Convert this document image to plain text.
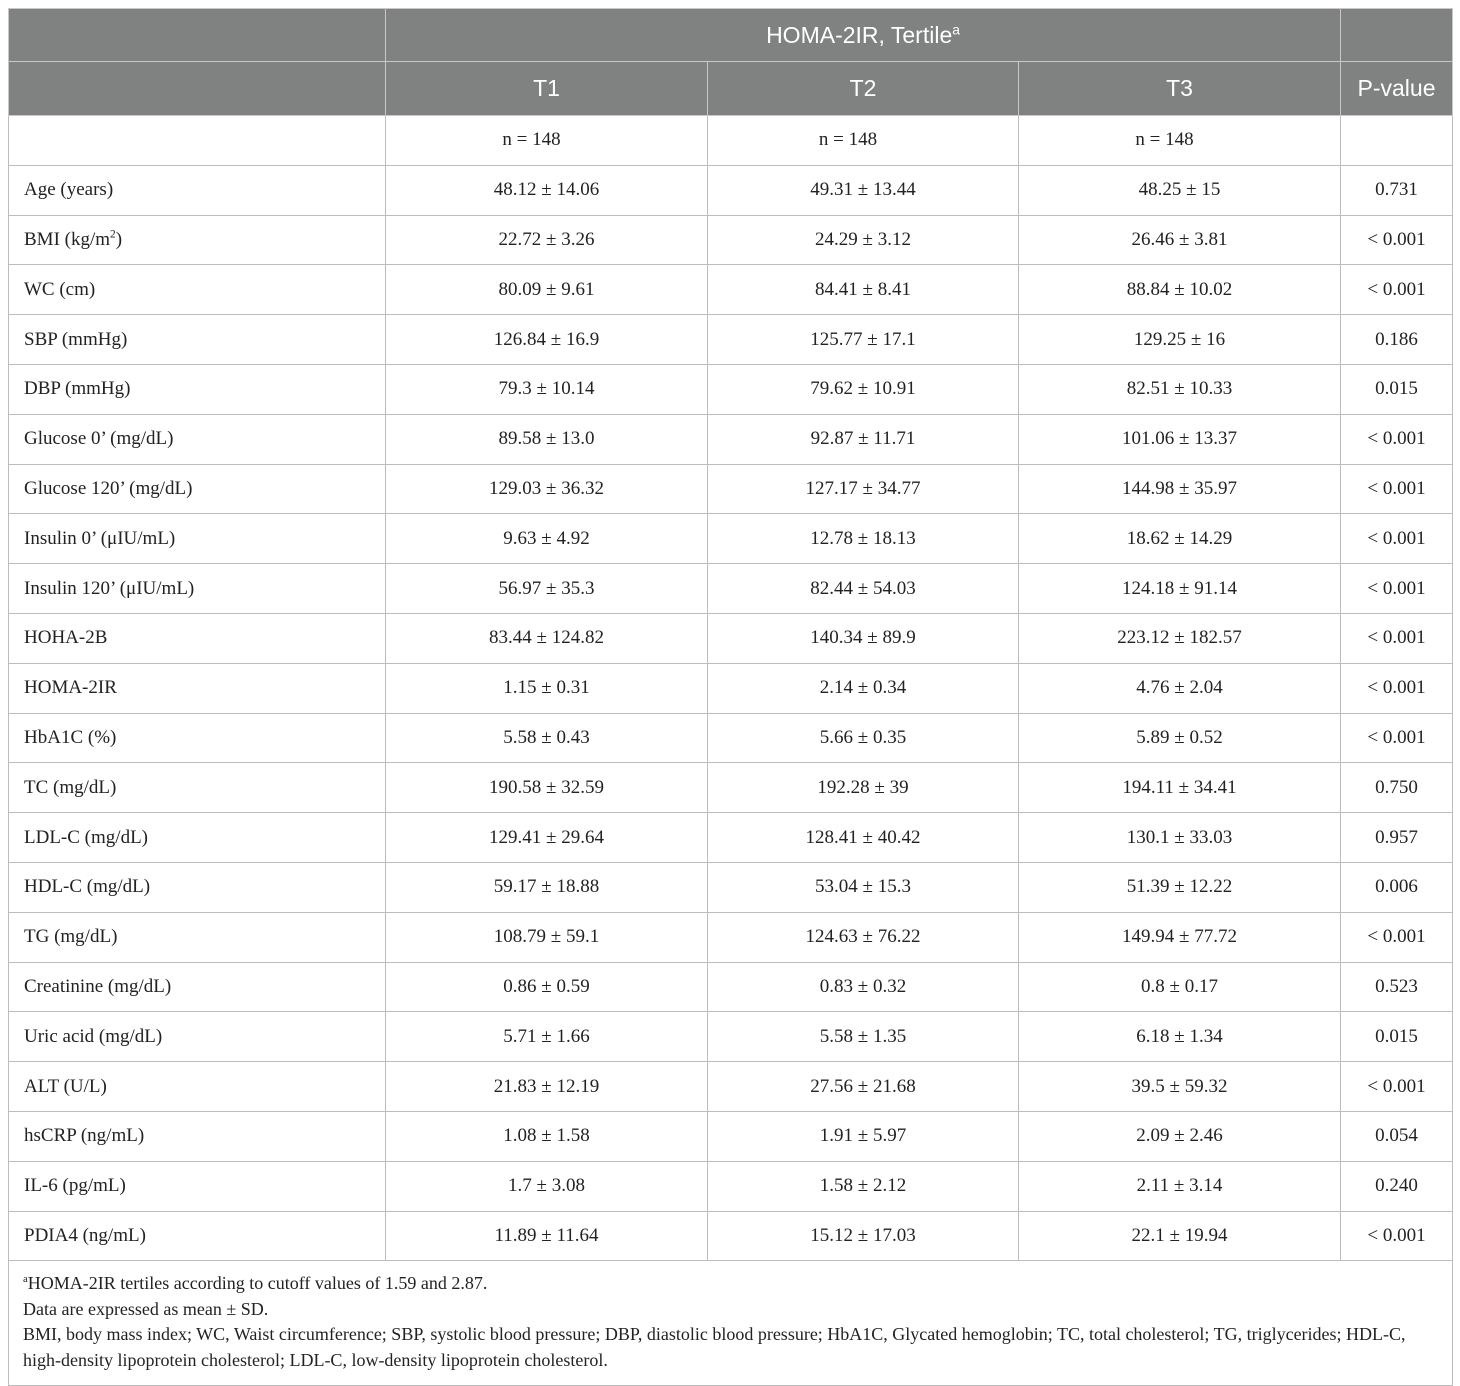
	HOMA-2IR, Tertile$^a$	
	T1	T2	T3	P-value
	n = 148	n = 148	n = 148	
Age (years)	48.12 ± 14.06	49.31 ± 13.44	48.25 ± 15	0.731
BMI $(kg/m^2)$	22.72 ± 3.26	24.29 ± 3.12	26.46 ± 3.81	< 0.001
WC (cm)	80.09 ± 9.61	84.41 ± 8.41	88.84 ± 10.02	< 0.001
SBP (mmHg)	126.84 ± 16.9	125.77 ± 17.1	129.25 ± 16	0.186
DBP (mmHg)	79.3 ± 10.14	79.62 ± 10.91	82.51 ± 10.33	0.015
Glucose 0’ (mg/dL)	89.58 ± 13.0	92.87 ± 11.71	101.06 ± 13.37	< 0.001
Glucose 120’ (mg/dL)	129.03 ± 36.32	127.17 ± 34.77	144.98 ± 35.97	< 0.001
Insulin 0’ (μIU/mL)	9.63 ± 4.92	12.78 ± 18.13	18.62 ± 14.29	< 0.001
Insulin 120’ (μIU/mL)	56.97 ± 35.3	82.44 ± 54.03	124.18 ± 91.14	< 0.001
HOHA-2B	83.44 ± 124.82	140.34 ± 89.9	223.12 ± 182.57	< 0.001
HOMA-2IR	1.15 ± 0.31	2.14 ± 0.34	4.76 ± 2.04	< 0.001
HbA1C (%)	5.58 ± 0.43	5.66 ± 0.35	5.89 ± 0.52	< 0.001
TC (mg/dL)	190.58 ± 32.59	192.28 ± 39	194.11 ± 34.41	0.750
LDL-C (mg/dL)	129.41 ± 29.64	128.41 ± 40.42	130.1 ± 33.03	0.957
HDL-C (mg/dL)	59.17 ± 18.88	53.04 ± 15.3	51.39 ± 12.22	0.006
TG (mg/dL)	108.79 ± 59.1	124.63 ± 76.22	149.94 ± 77.72	< 0.001
Creatinine (mg/dL)	0.86 ± 0.59	0.83 ± 0.32	0.8 ± 0.17	0.523
Uric acid (mg/dL)	5.71 ± 1.66	5.58 ± 1.35	6.18 ± 1.34	0.015
ALT (U/L)	21.83 ± 12.19	27.56 ± 21.68	39.5 ± 59.32	< 0.001
hsCRP (ng/mL)	1.08 ± 1.58	1.91 ± 5.97	2.09 ± 2.46	0.054
IL-6 (pg/mL)	1.7 ± 3.08	1.58 ± 2.12	2.11 ± 3.14	0.240
PDIA4 (ng/mL)	11.89 ± 11.64	15.12 ± 17.03	22.1 ± 19.94	< 0.001

$^a$HOMA-2IR tertiles according to cutoff values of 1.59 and 2.87.
Data are expressed as mean ± SD.
BMI, body mass index; WC, Waist circumference; SBP, systolic blood pressure; DBP, diastolic blood pressure; HbA1C, Glycated hemoglobin; TC, total cholesterol; TG, triglycerides; HDL-C, high-density lipoprotein cholesterol; LDL-C, low-density lipoprotein cholesterol.				
